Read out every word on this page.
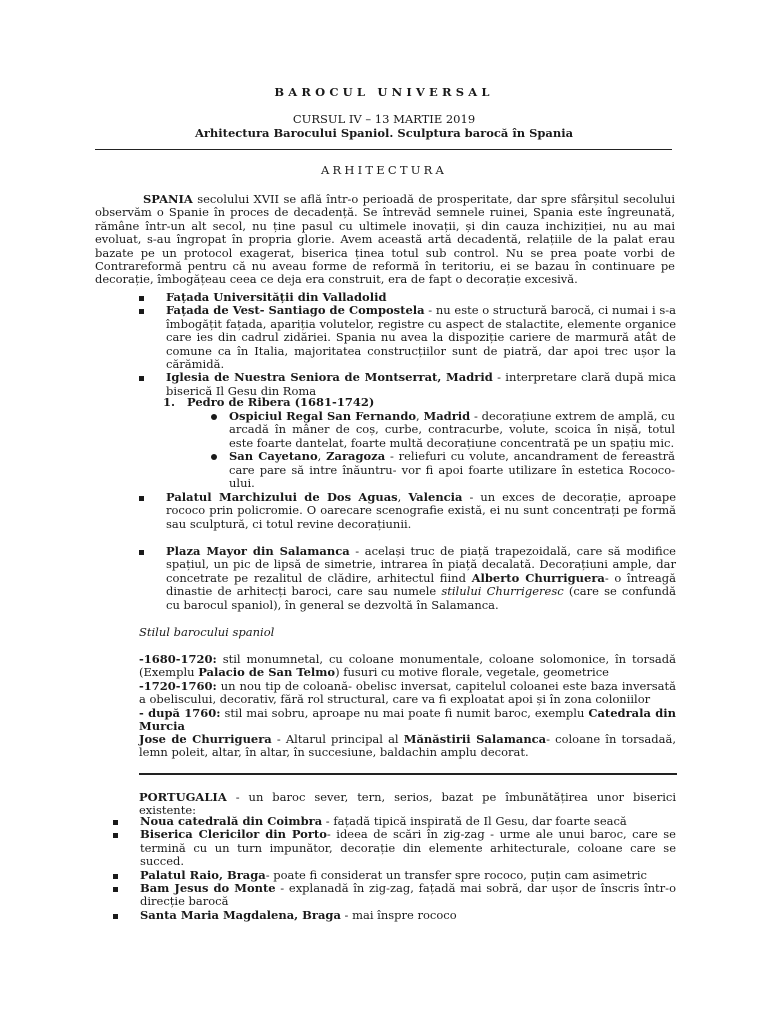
BAROCUL UNIVERSAL
CURSUL IV – 13 MARTIE 2019
Arhitectura Barocului Spaniol. Sculptura barocă în Spania
ARHITECTURA
SPANIA secolului XVII se află într-o perioadă de prosperitate, dar spre sfârșitul secolului observăm o Spanie în proces de decadență. Se întrevăd semnele ruinei, Spania este îngreunată, rămâne într-un alt secol, nu ține pasul cu ultimele inovații, și din cauza inchiziției, nu au mai evoluat, s-au îngropat în propria glorie. Avem această artă decadentă, relațiile de la palat erau bazate pe un protocol exagerat, biserica ținea totul sub control. Nu se prea poate vorbi de Contrareformă pentru că nu aveau forme de reformă în teritoriu, ei se bazau în continuare pe decorație, îmbogățeau ceea ce deja era construit, era de fapt o decorație excesivă.
Fațada Universității din Valladolid
Fațada de Vest- Santiago de Compostela - nu este o structură barocă, ci numai i s-a îmbogățit fațada, apariția volutelor, registre cu aspect de stalactite, elemente organice care ies din cadrul zidăriei. Spania nu avea la dispoziție cariere de marmură atât de comune ca în Italia, majoritatea construcțiilor sunt de piatră, dar apoi trec ușor la cărămidă.
Iglesia de Nuestra Seniora de Montserrat, Madrid - interpretare clară după mica biserică Il Gesu din Roma
1. Pedro de Ribera (1681-1742)
Ospiciul Regal San Fernando, Madrid - decorațiune extrem de amplă, cu arcadă în mâner de coș, curbe, contracurbe, volute, scoica în nișă, totul este foarte dantelat, foarte multă decorațiune concentrată pe un spațiu mic.
San Cayetano, Zaragoza - reliefuri cu volute, ancandrament de fereastră care pare să intre înăuntru- vor fi apoi foarte utilizare în estetica Rococo-ului.
Palatul Marchizului de Dos Aguas, Valencia - un exces de decorație, aproape rococo prin policromie. O oarecare scenografie există, ei nu sunt concentrați pe formă sau sculptură, ci totul revine decorațiunii.
Plaza Mayor din Salamanca - același truc de piață trapezoidală, care să modifice spațiul, un pic de lipsă de simetrie, intrarea în piață decalată. Decorațiuni ample, dar concetrate pe rezalitul de clădire, arhitectul fiind Alberto Churriguera- o întreagă dinastie de arhitecți baroci, care sau numele stilului Churrigeresc (care se confundă cu barocul spaniol), în general se dezvoltă în Salamanca.
Stilul barocului spaniol
-1680-1720: stil monumnetal, cu coloane monumentale, coloane solomonice, în torsadă (Exemplu Palacio de San Telmo) fusuri cu motive florale, vegetale, geometrice
-1720-1760: un nou tip de coloană- obelisc inversat, capitelul coloanei este baza inversată a obeliscului, decorativ, fără rol structural, care va fi exploatat apoi și în zona coloniilor
- după 1760: stil mai sobru, aproape nu mai poate fi numit baroc, exemplu Catedrala din Murcia
Jose de Churriguera - Altarul principal al Mănăstirii Salamanca- coloane în torsadaă, lemn poleit, altar, în altar, în succesiune, baldachin amplu decorat.
PORTUGALIA - un baroc sever, tern, serios, bazat pe îmbunătățirea unor biserici existente:
Noua catedrală din Coimbra - fațadă tipică inspirată de Il Gesu, dar foarte seacă
Biserica Clericilor din Porto- ideea de scări în zig-zag - urme ale unui baroc, care se termină cu un turn impunător, decorație din elemente arhitecturale, coloane care se succed.
Palatul Raio, Braga- poate fi considerat un transfer spre rococo, puțin cam asimetric
Bam Jesus do Monte - explanadă în zig-zag, fațadă mai sobră, dar ușor de înscris într-o direcție barocă
Santa Maria Magdalena, Braga - mai înspre rococo
